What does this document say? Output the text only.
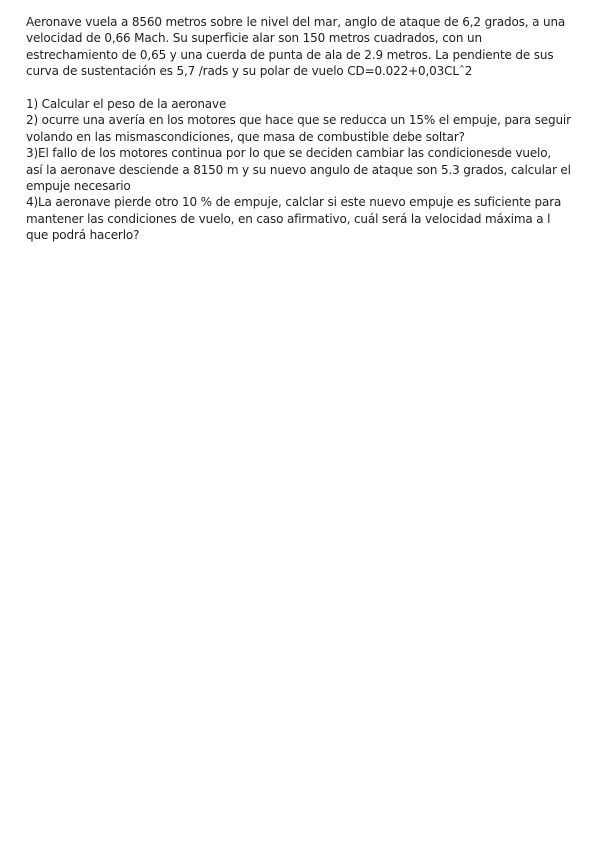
Aeronave vuela a 8560 metros sobre le nivel del mar, anglo de ataque de 6,2 grados, a una
velocidad de 0,66 Mach. Su superficie alar son 150 metros cuadrados, con un
estrechamiento de 0,65 y una cuerda de punta de ala de 2.9 metros. La pendiente de sus
curva de sustentación es 5,7 /rads y su polar de vuelo CD=0.022+0,03CLˆ2
1) Calcular el peso de la aeronave
2) ocurre una avería en los motores que hace que se reducca un 15% el empuje, para seguir
volando en las mismascondiciones, que masa de combustible debe soltar?
3)El fallo de los motores continua por lo que se deciden cambiar las condicionesde vuelo,
así la aeronave desciende a 8150 m y su nuevo angulo de ataque son 5.3 grados, calcular el
empuje necesario
4)La aeronave pierde otro 10 % de empuje, calclar si este nuevo empuje es suficiente para
mantener las condiciones de vuelo, en caso afirmativo, cuál será la velocidad máxima a l
que podrá hacerlo?
